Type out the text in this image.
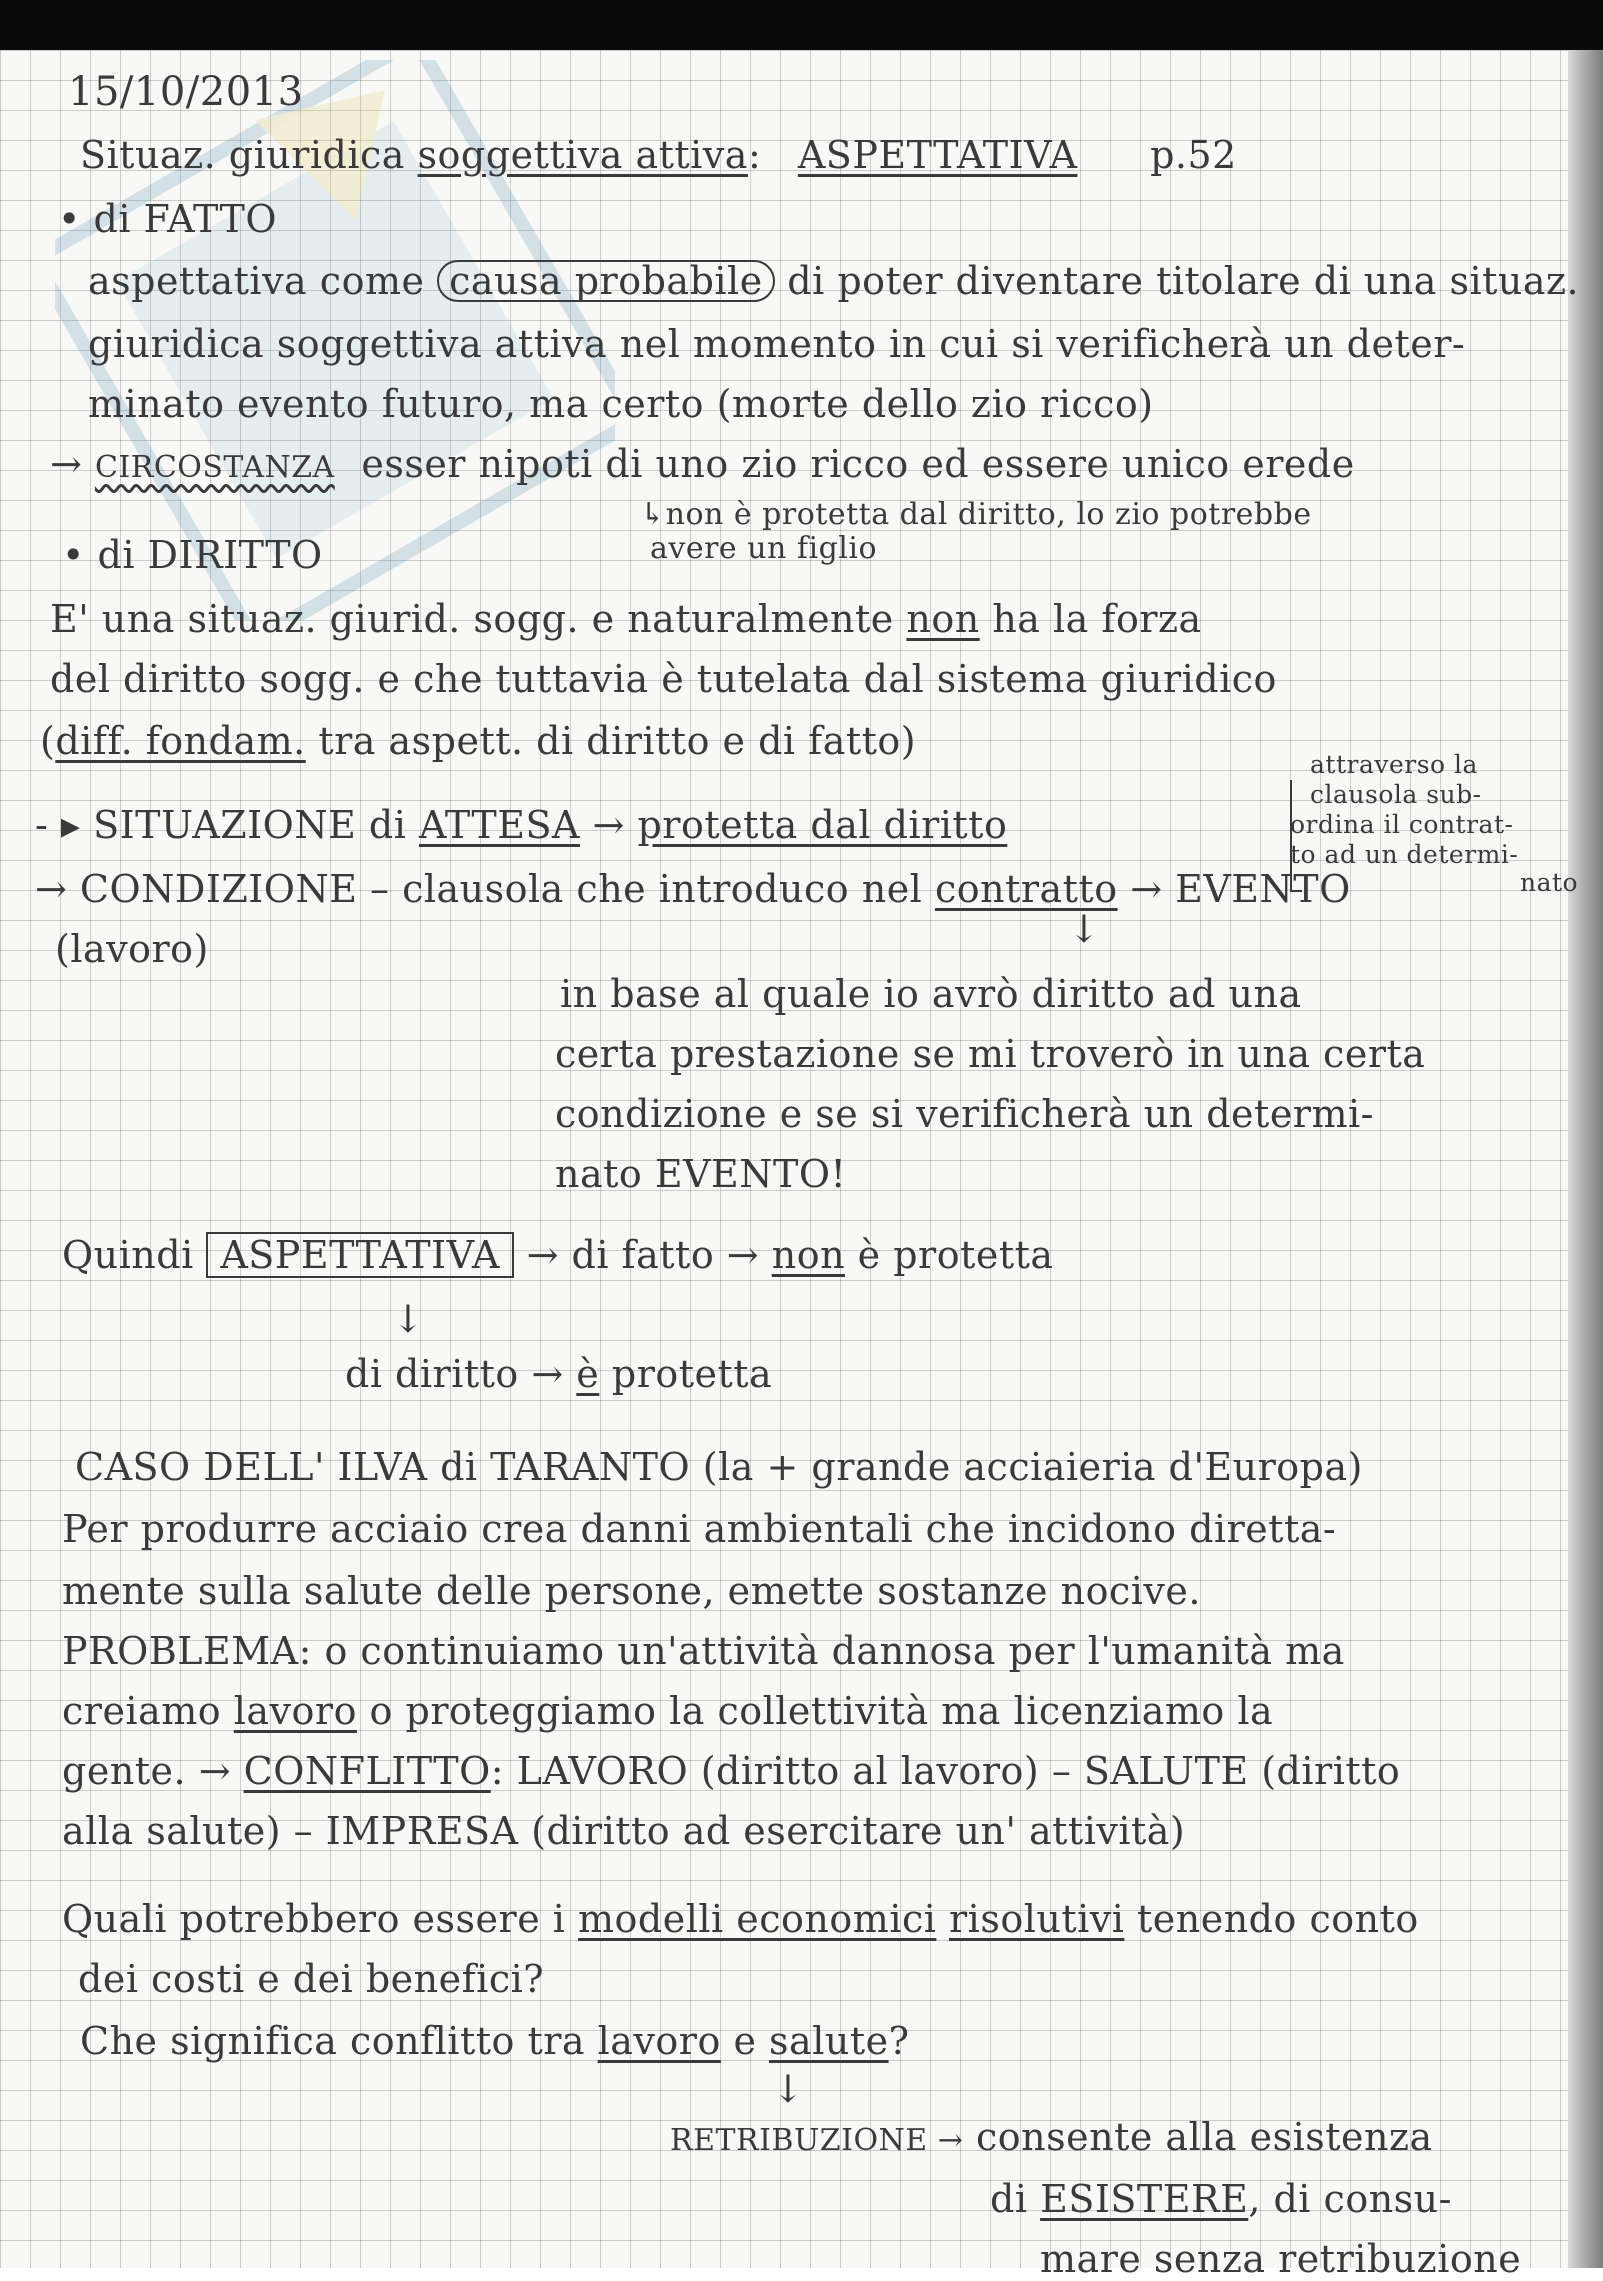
15/10/2013
Situaz. giuridica soggettiva attiva: ASPETTATIVA p.52
• di FATTO
aspettativa come causa probabile di poter diventare titolare di una situaz.
giuridica soggettiva attiva nel momento in cui si verificherà un deter-
minato evento futuro, ma certo (morte dello zio ricco)
→ CIRCOSTANZA esser nipoti di uno zio ricco ed essere unico erede
↳non è protetta dal diritto, lo zio potrebbe
avere un figlio
• di DIRITTO
E' una situaz. giurid. sogg. e naturalmente non ha la forza
del diritto sogg. e che tuttavia è tutelata dal sistema giuridico
(diff. fondam. tra aspett. di diritto e di fatto)
attraverso la
clausola sub-
ordina il contrat-
to ad un determi-
nato
- ▸ SITUAZIONE di ATTESA → protetta dal diritto
→ CONDIZIONE – clausola che introduco nel contratto → EVENTO
(lavoro)	↓
in base al quale io avrò diritto ad una
certa prestazione se mi troverò in una certa
condizione e se si verificherà un determi-
nato EVENTO!
Quindi ASPETTATIVA → di fatto → non è protetta
↓
di diritto → è protetta
CASO DELL' ILVA di TARANTO (la + grande acciaieria d'Europa)
Per produrre acciaio crea danni ambientali che incidono diretta-
mente sulla salute delle persone, emette sostanze nocive.
PROBLEMA: o continuiamo un'attività dannosa per l'umanità ma
creiamo lavoro o proteggiamo la collettività ma licenziamo la
gente. → CONFLITTO: LAVORO (diritto al lavoro) – SALUTE (diritto
alla salute) – IMPRESA (diritto ad esercitare un' attività)
Quali potrebbero essere i modelli economici risolutivi tenendo conto
dei costi e dei benefici?
Che significa conflitto tra lavoro e salute?
↓
RETRIBUZIONE → consente alla esistenza
di ESISTERE, di consu-
mare senza retribuzione
